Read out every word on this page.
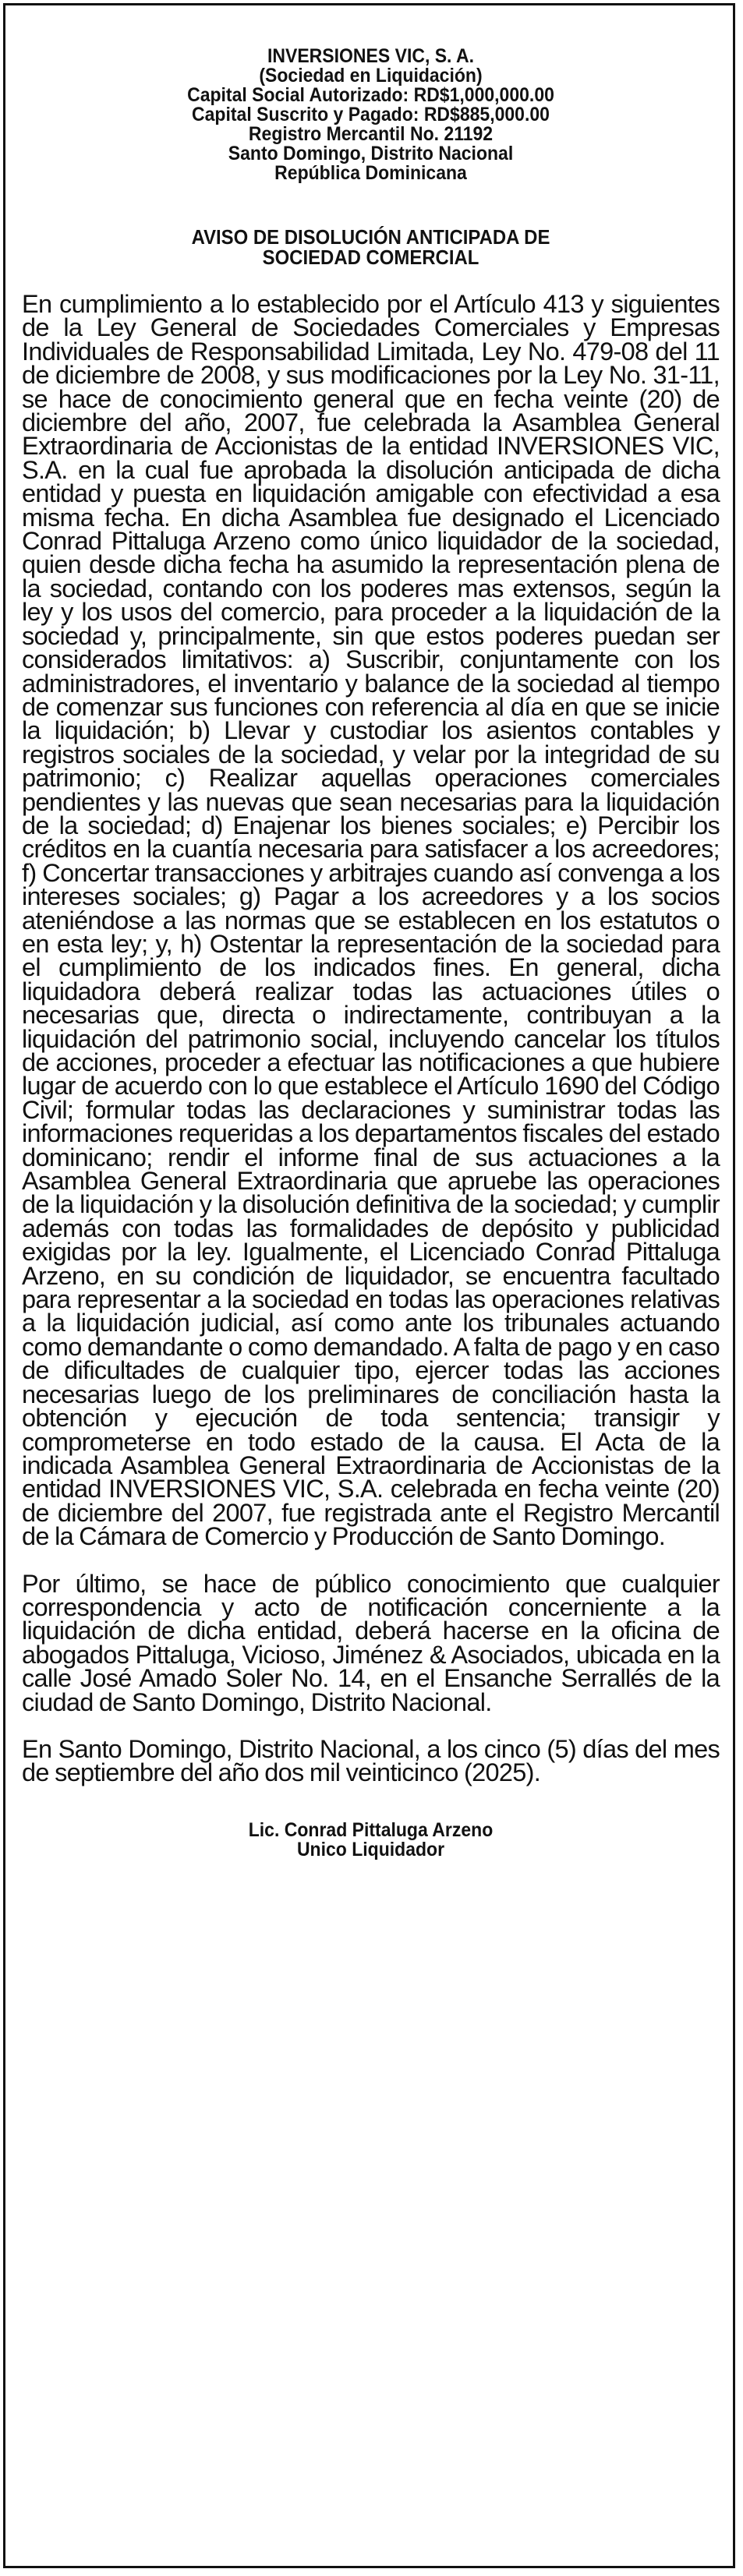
INVERSIONES VIC, S. A.
(Sociedad en Liquidación)
Capital Social Autorizado: RD$1,000,000.00
Capital Suscrito y Pagado: RD$885,000.00
Registro Mercantil No. 21192
Santo Domingo, Distrito Nacional
República Dominicana
AVISO DE DISOLUCIÓN ANTICIPADA DE
SOCIEDAD COMERCIAL

En cumplimiento a lo establecido por el Artículo 413 y siguientes de la Ley General de Sociedades Comerciales y Empresas Individuales de Responsabilidad Limitada, Ley No. 479-08 del 11 de diciembre de 2008, y sus modificaciones por la Ley No. 31-11, se hace de conocimiento general que en fecha veinte (20) de diciembre del año, 2007, fue celebrada la Asamblea General Extraordinaria de Accionistas de la entidad INVERSIONES VIC, S.A. en la cual fue aprobada la disolución anticipada de dicha entidad y puesta en liquidación amigable con efectividad a esa misma fecha. En dicha Asamblea fue designado el Licenciado Conrad Pittaluga Arzeno como único liquidador de la sociedad, quien desde dicha fecha ha asumido la representación plena de la sociedad, contando con los poderes mas extensos, según la ley y los usos del comercio, para proceder a la liquidación de la sociedad y, principalmente, sin que estos poderes puedan ser considerados limitativos: a) Suscribir, conjuntamente con los administradores, el inventario y balance de la sociedad al tiempo de comenzar sus funciones con referencia al día en que se inicie la liquidación; b) Llevar y custodiar los asientos contables y registros sociales de la sociedad, y velar por la integridad de su patrimonio; c) Realizar aquellas operaciones comerciales pendientes y las nuevas que sean necesarias para la liquidación de la sociedad; d) Enajenar los bienes sociales; e) Percibir los créditos en la cuantía necesaria para satisfacer a los acreedores; f) Concertar transacciones y arbitrajes cuando así convenga a los intereses sociales; g) Pagar a los acreedores y a los socios ateniéndose a las normas que se establecen en los estatutos o en esta ley; y, h) Ostentar la representación de la sociedad para el cumplimiento de los indicados fines. En general, dicha liquidadora deberá realizar todas las actuaciones útiles o necesarias que, directa o indirectamente, contribuyan a la liquidación del patrimonio social, incluyendo cancelar los títulos de acciones, proceder a efectuar las notificaciones a que hubiere lugar de acuerdo con lo que establece el Artículo 1690 del Código Civil; formular todas las declaraciones y suministrar todas las informaciones requeridas a los departamentos fiscales del estado dominicano; rendir el informe final de sus actuaciones a la Asamblea General Extraordinaria que apruebe las operaciones de la liquidación y la disolución definitiva de la sociedad; y cumplir además con todas las formalidades de depósito y publicidad exigidas por la ley. Igualmente, el Licenciado Conrad Pittaluga Arzeno, en su condición de liquidador, se encuentra facultado para representar a la sociedad en todas las operaciones relativas a la liquidación judicial, así como ante los tribunales actuando como demandante o como demandado. A falta de pago y en caso de dificultades de cualquier tipo, ejercer todas las acciones necesarias luego de los preliminares de conciliación hasta la obtención y ejecución de toda sentencia; transigir y comprometerse en todo estado de la causa. El Acta de la indicada Asamblea General Extraordinaria de Accionistas de la entidad INVERSIONES VIC, S.A. celebrada en fecha veinte (20) de diciembre del 2007, fue registrada ante el Registro Mercantil de la Cámara de Comercio y Producción de Santo Domingo.

Por último, se hace de público conocimiento que cualquier correspondencia y acto de notificación concerniente a la liquidación de dicha entidad, deberá hacerse en la oficina de abogados Pittaluga, Vicioso, Jiménez & Asociados, ubicada en la calle José Amado Soler No. 14, en el Ensanche Serrallés de la ciudad de Santo Domingo, Distrito Nacional.

En Santo Domingo, Distrito Nacional, a los cinco (5) días del mes de septiembre del año dos mil veinticinco (2025).

Lic. Conrad Pittaluga Arzeno
Unico Liquidador
